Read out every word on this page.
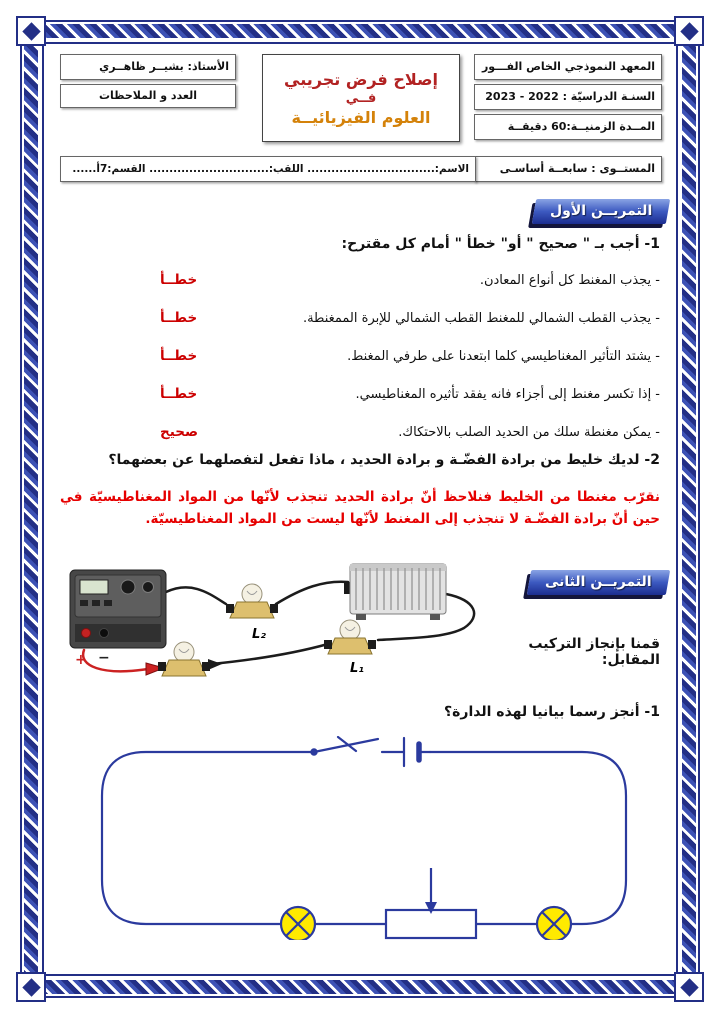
المعهد النموذجي الخاص الفـــور
السنـة الدراسيّة : 2022 - 2023
المــدة الزمنيــة:60 دقيقــة
المستــوى : سابعــة أساسـى
إصلاح فرض تجريبي
فــي
العلوم الفيزيائيــة
الأستاذ: بشيــر ظاهــري
العدد و الملاحظات
الاسم:................................ اللقب:.............................. القسم:7أ......
التمريــن الأول
1- أجب بـ " صحيح " أو" خطأ " أمام كل مقترح:
- يجذب المغنط كل أنواع المعادن.
خطــأ
- يجذب القطب الشمالي للمغنط القطب الشمالي للإبرة الممغنطة.
خطــأ
- يشتد التأثير المغناطيسي كلما ابتعدنا على طرفي المغنط.
خطــأ
- إذا تكسر مغنط إلى أجزاء فانه يفقد تأثيره المغناطيسي.
خطــأ
- يمكن مغنطة سلك من الحديد الصلب بالاحتكاك.
صحيح
2- لديك خليط من برادة الفضّـة و برادة الحديد ، ماذا تفعل لتفصلهما عن بعضهما؟
نقرّب مغنطا من الخليط فنلاحظ أنّ برادة الحديد تنجذب لأنّها من المواد المغناطيسيّة في حين أنّ برادة الفضّـة لا تنجذب إلى المغنط لأنّها ليست من المواد المغناطيسيّة.
+ −
L₂
L₁
التمريــن الثانى
قمنا بإنجاز التركيب المقابل:
1- أنجز رسما بيانيا لهذه الدارة؟
